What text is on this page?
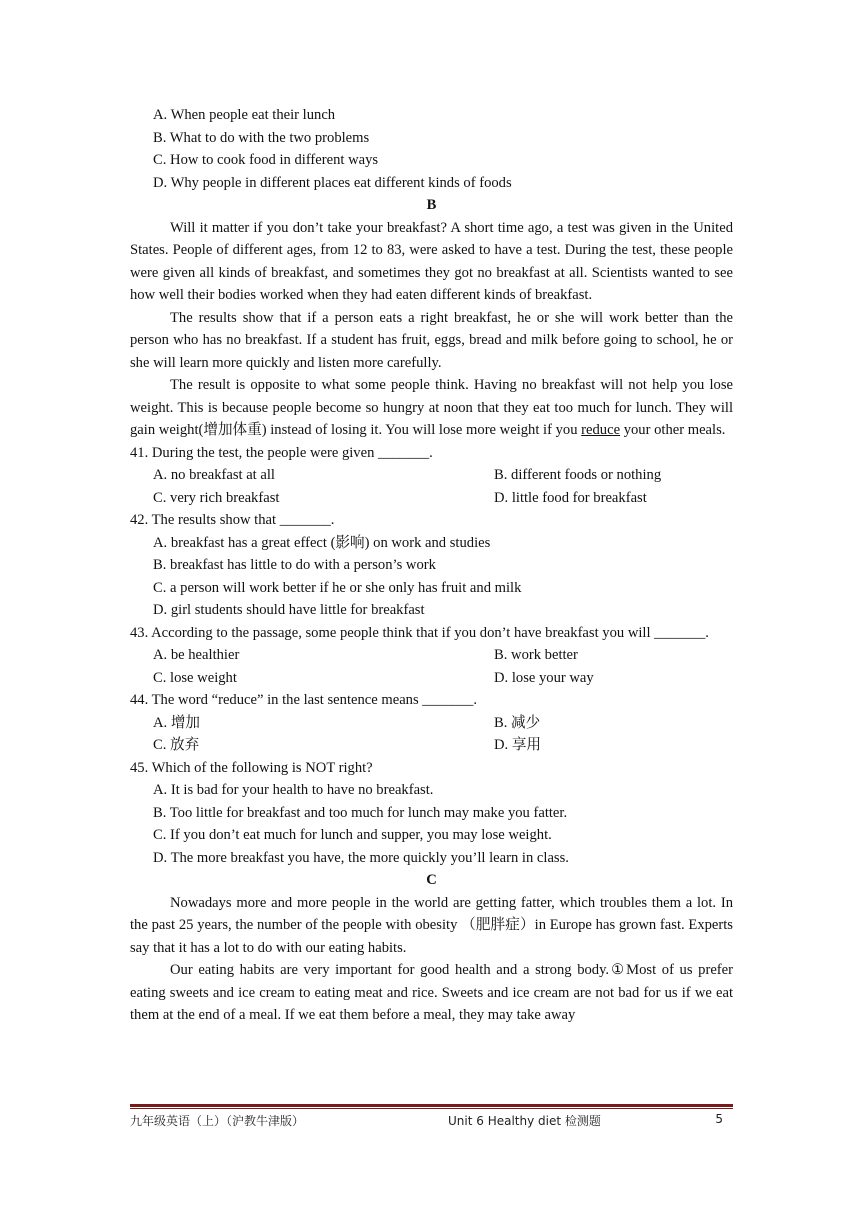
A. When people eat their lunch
B. What to do with the two problems
C. How to cook food in different ways
D. Why people in different places eat different kinds of foods
B

Will it matter if you don’t take your breakfast? A short time ago, a test was given in the United States. People of different ages, from 12 to 83, were asked to have a test. During the test, these people were given all kinds of breakfast, and sometimes they got no breakfast at all. Scientists wanted to see how well their bodies worked when they had eaten different kinds of breakfast.

The results show that if a person eats a right breakfast, he or she will work better than the person who has no breakfast. If a student has fruit, eggs, bread and milk before going to school, he or she will learn more quickly and listen more carefully.

The result is opposite to what some people think. Having no breakfast will not help you lose weight. This is because people become so hungry at noon that they eat too much for lunch. They will gain weight(增加体重) instead of losing it. You will lose more weight if you reduce your other meals.

41. During the test, the people were given _______.
A. no breakfast at all	B. different foods or nothing
C. very rich breakfast	D. little food for breakfast
42. The results show that _______.
A. breakfast has a great effect (影响) on work and studies
B. breakfast has little to do with a person’s work
C. a person will work better if he or she only has fruit and milk
D. girl students should have little for breakfast
43. According to the passage, some people think that if you don’t have breakfast you will _______.
A. be healthier	B. work better
C. lose weight	D. lose your way
44. The word “reduce” in the last sentence means _______.
A. 增加	B. 减少
C. 放弃	D. 享用
45. Which of the following is NOT right?
A. It is bad for your health to have no breakfast.
B. Too little for breakfast and too much for lunch may make you fatter.
C. If you don’t eat much for lunch and supper, you may lose weight.
D. The more breakfast you have, the more quickly you’ll learn in class.
C

Nowadays more and more people in the world are getting fatter, which troubles them a lot. In the past 25 years, the number of the people with obesity （肥胖症）in Europe has grown fast. Experts say that it has a lot to do with our eating habits.

Our eating habits are very important for good health and a strong body.①Most of us prefer eating sweets and ice cream to eating meat and rice. Sweets and ice cream are not bad for us if we eat them at the end of a meal. If we eat them before a meal, they may take away

九年级英语（上）（沪教牛津版）	Unit 6 Healthy diet 检测题	5
